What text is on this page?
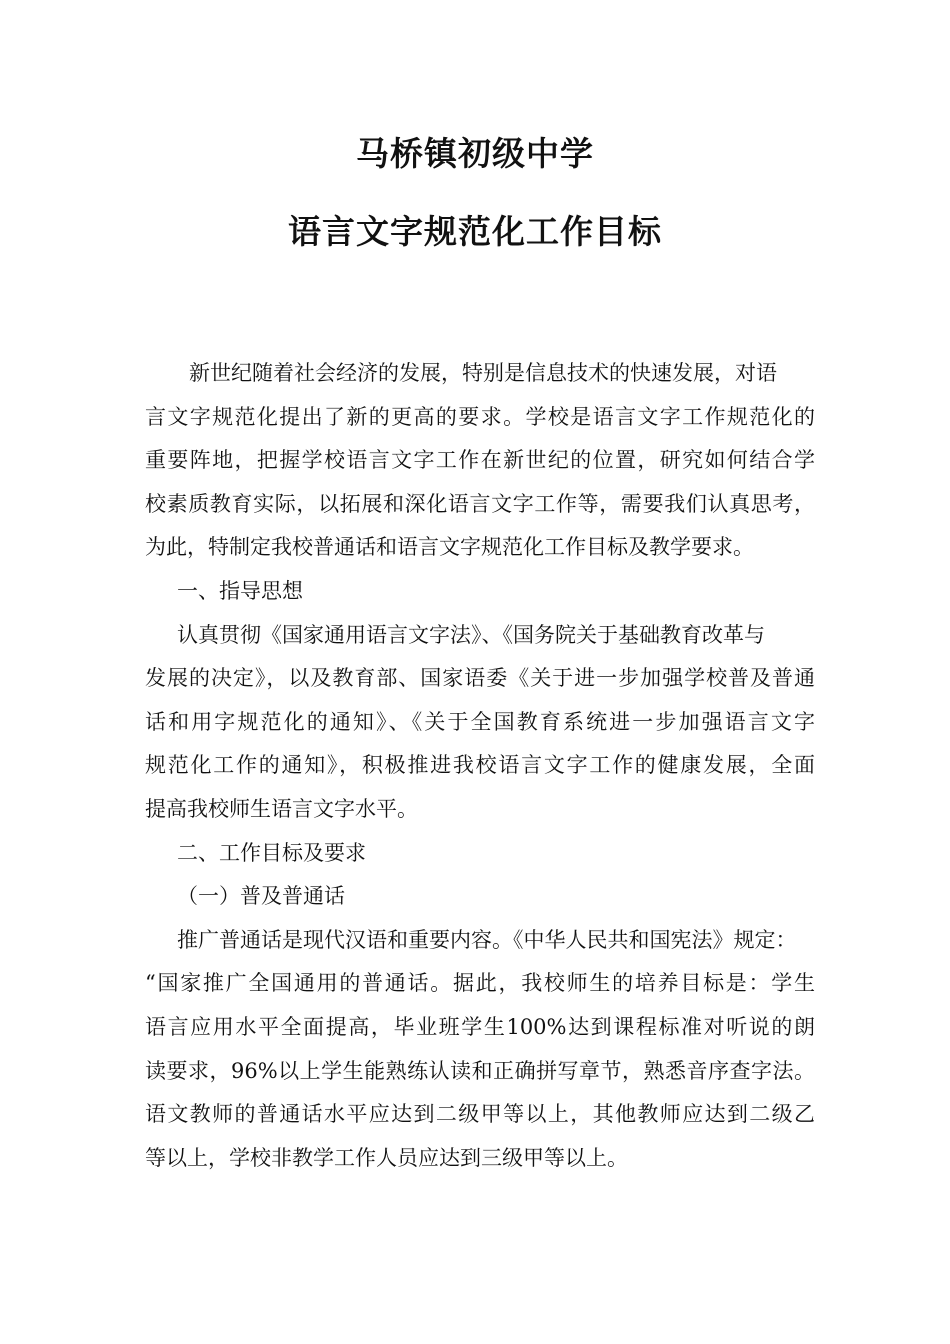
马桥镇初级中学
语言文字规范化工作目标
新世纪随着社会经济的发展，特别是信息技术的快速发展，对语
言文字规范化提出了新的更高的要求。学校是语言文字工作规范化的
重要阵地，把握学校语言文字工作在新世纪的位置，研究如何结合学
校素质教育实际，以拓展和深化语言文字工作等，需要我们认真思考，
为此，特制定我校普通话和语言文字规范化工作目标及教学要求。
一、指导思想
认真贯彻《国家通用语言文字法》、《国务院关于基础教育改革与
发展的决定》，以及教育部、国家语委《关于进一步加强学校普及普通
话和用字规范化的通知》、《关于全国教育系统进一步加强语言文字
规范化工作的通知》，积极推进我校语言文字工作的健康发展，全面
提高我校师生语言文字水平。
二、工作目标及要求
（一）普及普通话
推广普通话是现代汉语和重要内容。《中华人民共和国宪法》规定：
“国家推广全国通用的普通话。据此，我校师生的培养目标是：学生
语言应用水平全面提高，毕业班学生100%达到课程标准对听说的朗
读要求，96%以上学生能熟练认读和正确拼写章节，熟悉音序查字法。
语文教师的普通话水平应达到二级甲等以上，其他教师应达到二级乙
等以上，学校非教学工作人员应达到三级甲等以上。
